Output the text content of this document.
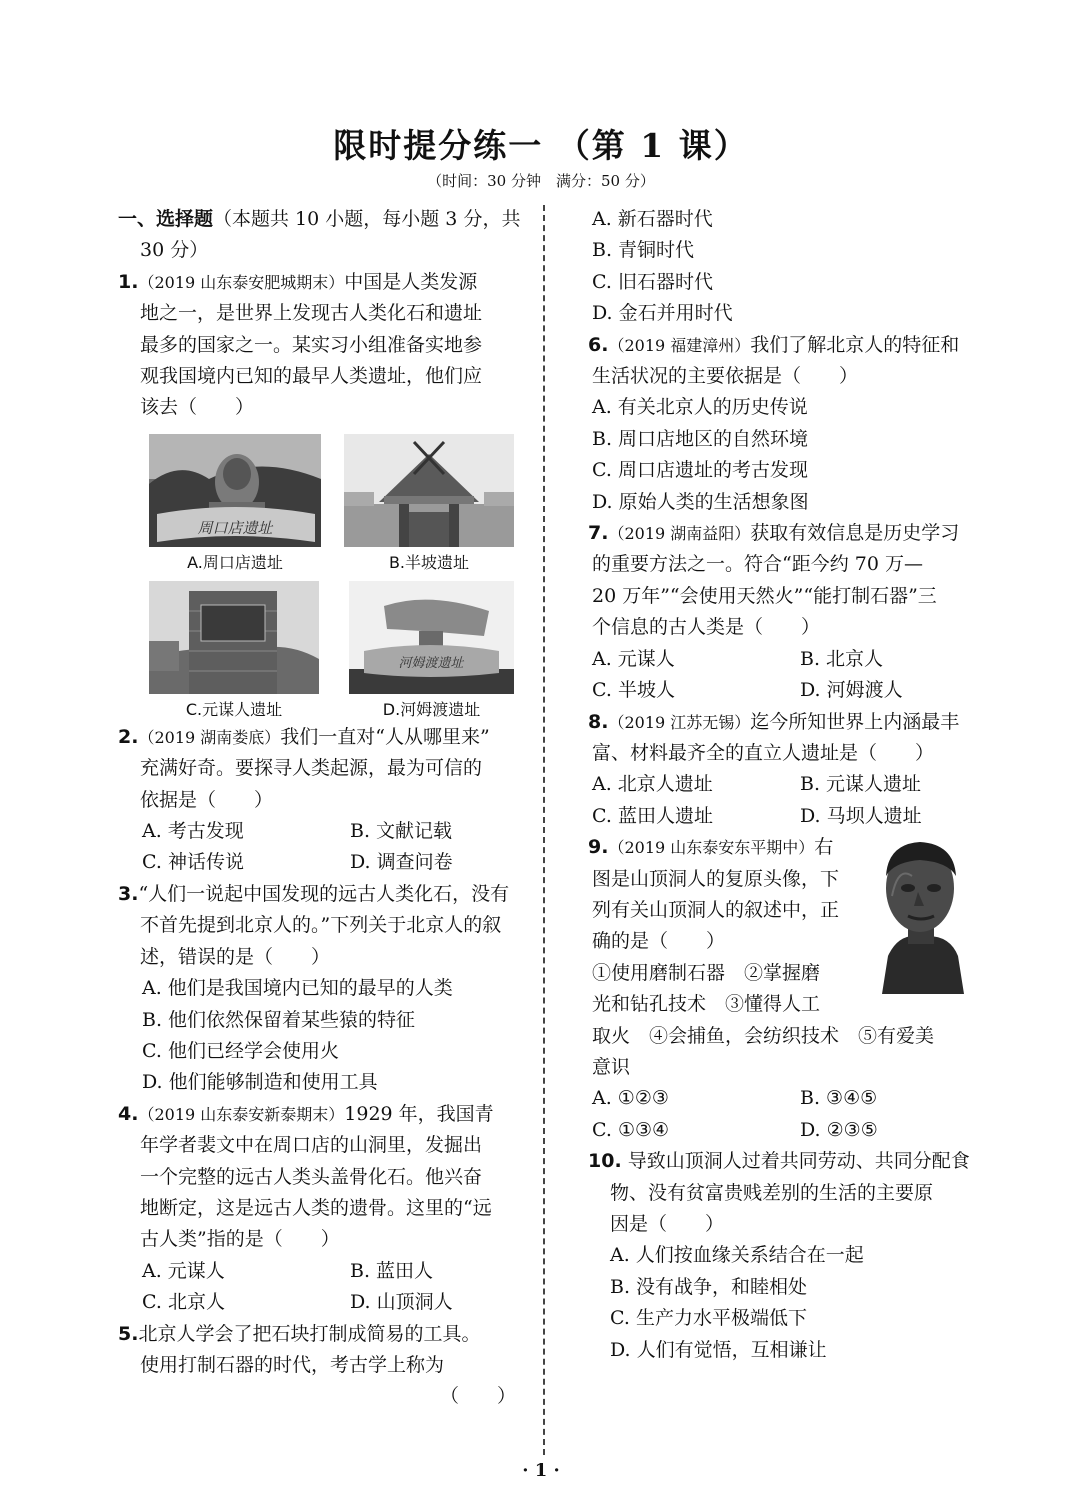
限时提分练一 （第 1 课）
（时间：30 分钟　满分：50 分）
一、选择题（本题共 10 小题，每小题 3 分，共
30 分）
1.（2019 山东泰安肥城期末）中国是人类发源
地之一，是世界上发现古人类化石和遗址
最多的国家之一。某实习小组准备实地参
观我国境内已知的最早人类遗址，他们应
该去（　　）
周口店遗址
河姆渡遗址
A.周口店遗址	B.半坡遗址
C.元谋人遗址	D.河姆渡遗址
2.（2019 湖南娄底）我们一直对“人从哪里来”
充满好奇。要探寻人类起源，最为可信的
依据是（　　）
A. 考古发现	B. 文献记载
C. 神话传说	D. 调查问卷
3.“人们一说起中国发现的远古人类化石，没有
不首先提到北京人的。”下列关于北京人的叙
述，错误的是（　　）
A. 他们是我国境内已知的最早的人类
B. 他们依然保留着某些猿的特征
C. 他们已经学会使用火
D. 他们能够制造和使用工具
4.（2019 山东泰安新泰期末）1929 年，我国青
年学者裴文中在周口店的山洞里，发掘出
一个完整的远古人类头盖骨化石。他兴奋
地断定，这是远古人类的遗骨。这里的“远
古人类”指的是（　　）
A. 元谋人	B. 蓝田人
C. 北京人	D. 山顶洞人
5.北京人学会了把石块打制成简易的工具。
使用打制石器的时代，考古学上称为
（　　）
A. 新石器时代
B. 青铜时代
C. 旧石器时代
D. 金石并用时代
6.（2019 福建漳州）我们了解北京人的特征和
生活状况的主要依据是（　　）
A. 有关北京人的历史传说
B. 周口店地区的自然环境
C. 周口店遗址的考古发现
D. 原始人类的生活想象图
7.（2019 湖南益阳）获取有效信息是历史学习
的重要方法之一。符合“距今约 70 万—
20 万年”“会使用天然火”“能打制石器”三
个信息的古人类是（　　）
A. 元谋人	B. 北京人
C. 半坡人	D. 河姆渡人
8.（2019 江苏无锡）迄今所知世界上内涵最丰
富、材料最齐全的直立人遗址是（　　）
A. 北京人遗址	B. 元谋人遗址
C. 蓝田人遗址	D. 马坝人遗址
9.（2019 山东泰安东平期中）右
图是山顶洞人的复原头像，下
列有关山顶洞人的叙述中，正
确的是（　　）
①使用磨制石器　②掌握磨
光和钻孔技术　③懂得人工
取火　④会捕鱼，会纺织技术　⑤有爱美
意识
A. ①②③	B. ③④⑤
C. ①③④	D. ②③⑤
10. 导致山顶洞人过着共同劳动、共同分配食
物、没有贫富贵贱差别的生活的主要原
因是（　　）
A. 人们按血缘关系结合在一起
B. 没有战争，和睦相处
C. 生产力水平极端低下
D. 人们有觉悟，互相谦让
· 1 ·
